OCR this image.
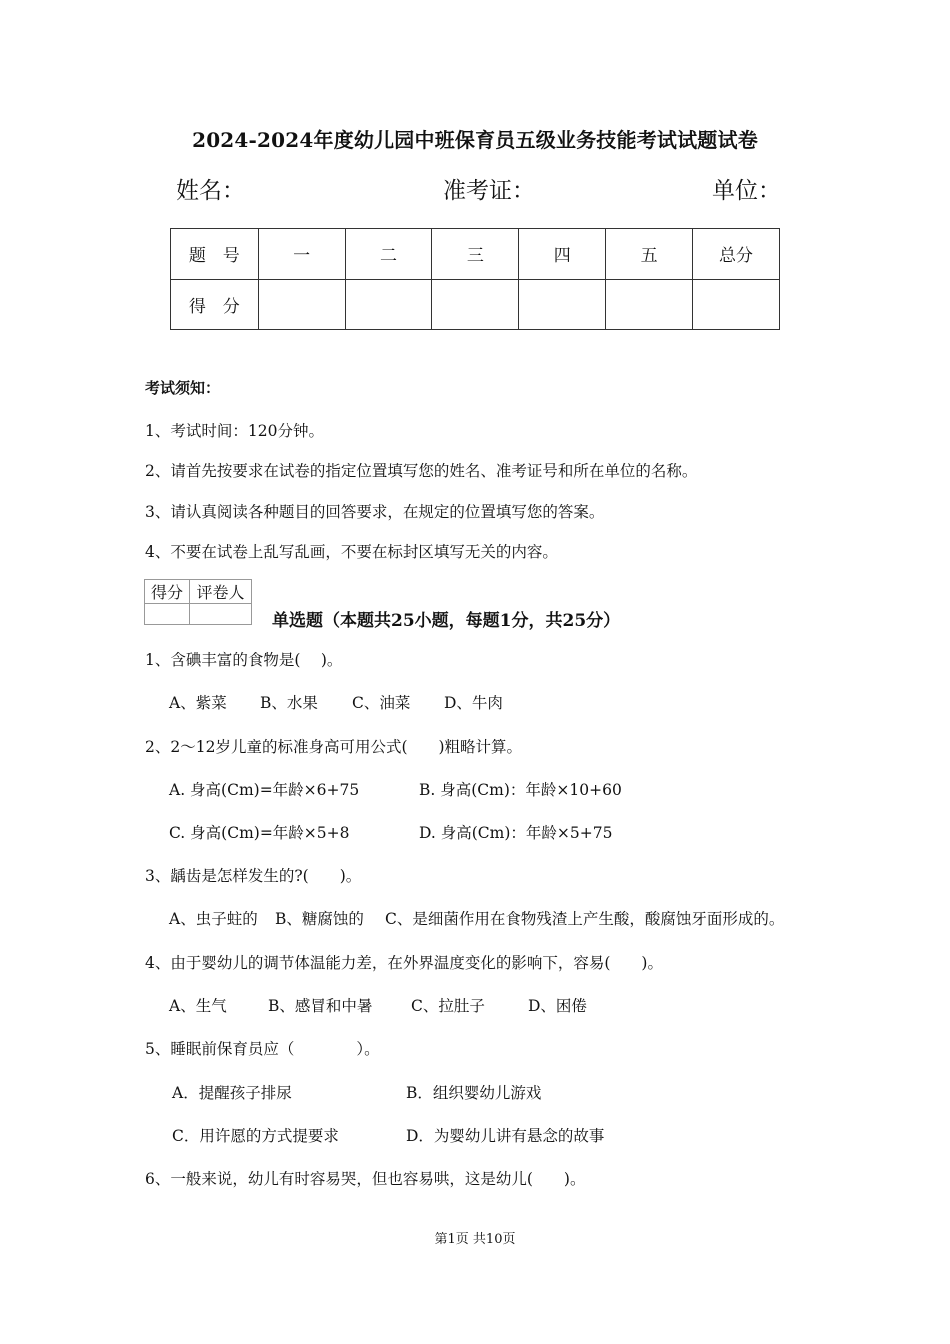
2024-2024年度幼儿园中班保育员五级业务技能考试试题试卷
姓名：	准考证：	单位：
题　号	一	二	三	四	五	总分
得　分						
考试须知：
1、考试时间：120分钟。
2、请首先按要求在试卷的指定位置填写您的姓名、准考证号和所在单位的名称。
3、请认真阅读各种题目的回答要求，在规定的位置填写您的答案。
4、不要在试卷上乱写乱画，不要在标封区填写无关的内容。
得分	评卷人

单选题（本题共25小题，每题1分，共25分）
1、含碘丰富的食物是(　 )。
A、紫菜 B、水果 C、油菜 D、牛肉
2、2～12岁儿童的标准身高可用公式(　　)粗略计算。
A. 身高(Cm)=年龄×6+75	B. 身高(Cm)：年龄×10+60
C. 身高(Cm)=年龄×5+8	D. 身高(Cm)：年龄×5+75
3、龋齿是怎样发生的?(　　)。
A、虫子蛀的 B、糖腐蚀的 C、是细菌作用在食物残渣上产生酸，酸腐蚀牙面形成的。
4、由于婴幼儿的调节体温能力差，在外界温度变化的影响下，容易(　　)。
A、生气	B、感冒和中暑 C、拉肚子	D、困倦
5、睡眠前保育员应（　　　　）。
A．提醒孩子排尿	B．组织婴幼儿游戏
C．用许愿的方式提要求	D．为婴幼儿讲有悬念的故事
6、一般来说，幼儿有时容易哭，但也容易哄，这是幼儿(　　)。
第1页 共10页
